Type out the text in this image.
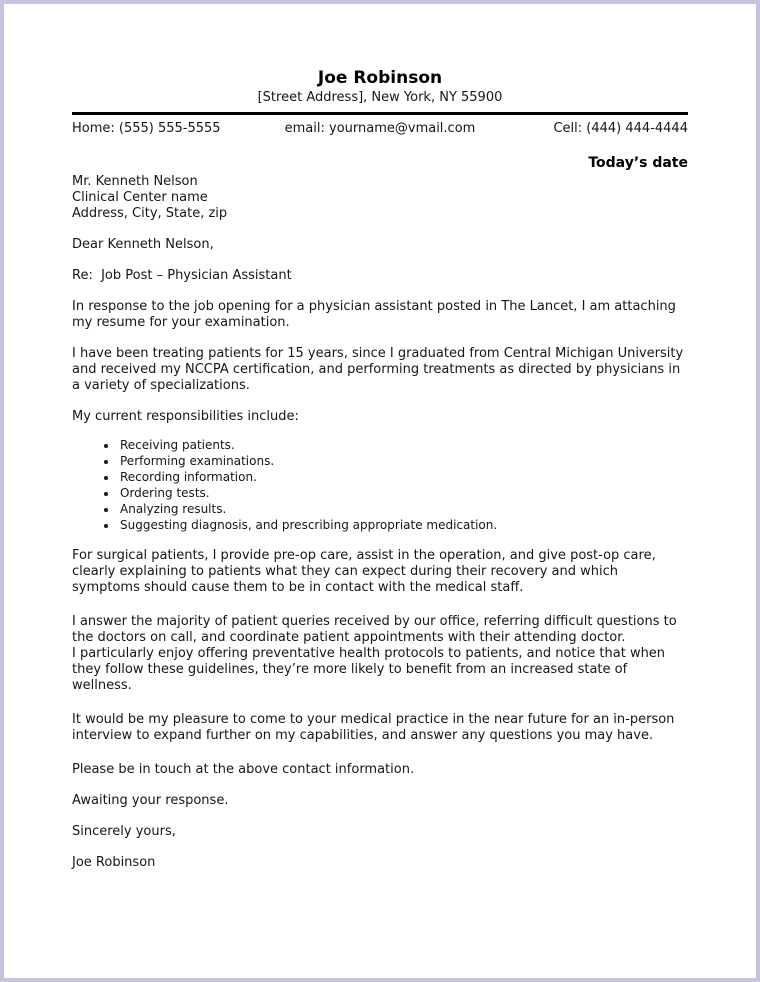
Joe Robinson
[Street Address], New York, NY 55900
Home: (555) 555-5555	email: yourname@vmail.com	Cell: (444) 444-4444
Today’s date
Mr. Kenneth Nelson
Clinical Center name
Address, City, State, zip
Dear Kenneth Nelson,
Re:  Job Post – Physician Assistant
In response to the job opening for a physician assistant posted in The Lancet, I am attaching my resume for your examination.
I have been treating patients for 15 years, since I graduated from Central Michigan University and received my NCCPA certification, and performing treatments as directed by physicians in a variety of specializations.
My current responsibilities include:
• Receiving patients.
• Performing examinations.
• Recording information.
• Ordering tests.
• Analyzing results.
• Suggesting diagnosis, and prescribing appropriate medication.
For surgical patients, I provide pre-op care, assist in the operation, and give post-op care, clearly explaining to patients what they can expect during their recovery and which symptoms should cause them to be in contact with the medical staff.
I answer the majority of patient queries received by our office, referring difficult questions to the doctors on call, and coordinate patient appointments with their attending doctor.
I particularly enjoy offering preventative health protocols to patients, and notice that when they follow these guidelines, they’re more likely to benefit from an increased state of wellness.
It would be my pleasure to come to your medical practice in the near future for an in-person interview to expand further on my capabilities, and answer any questions you may have.
Please be in touch at the above contact information.
Awaiting your response.
Sincerely yours,
Joe Robinson
